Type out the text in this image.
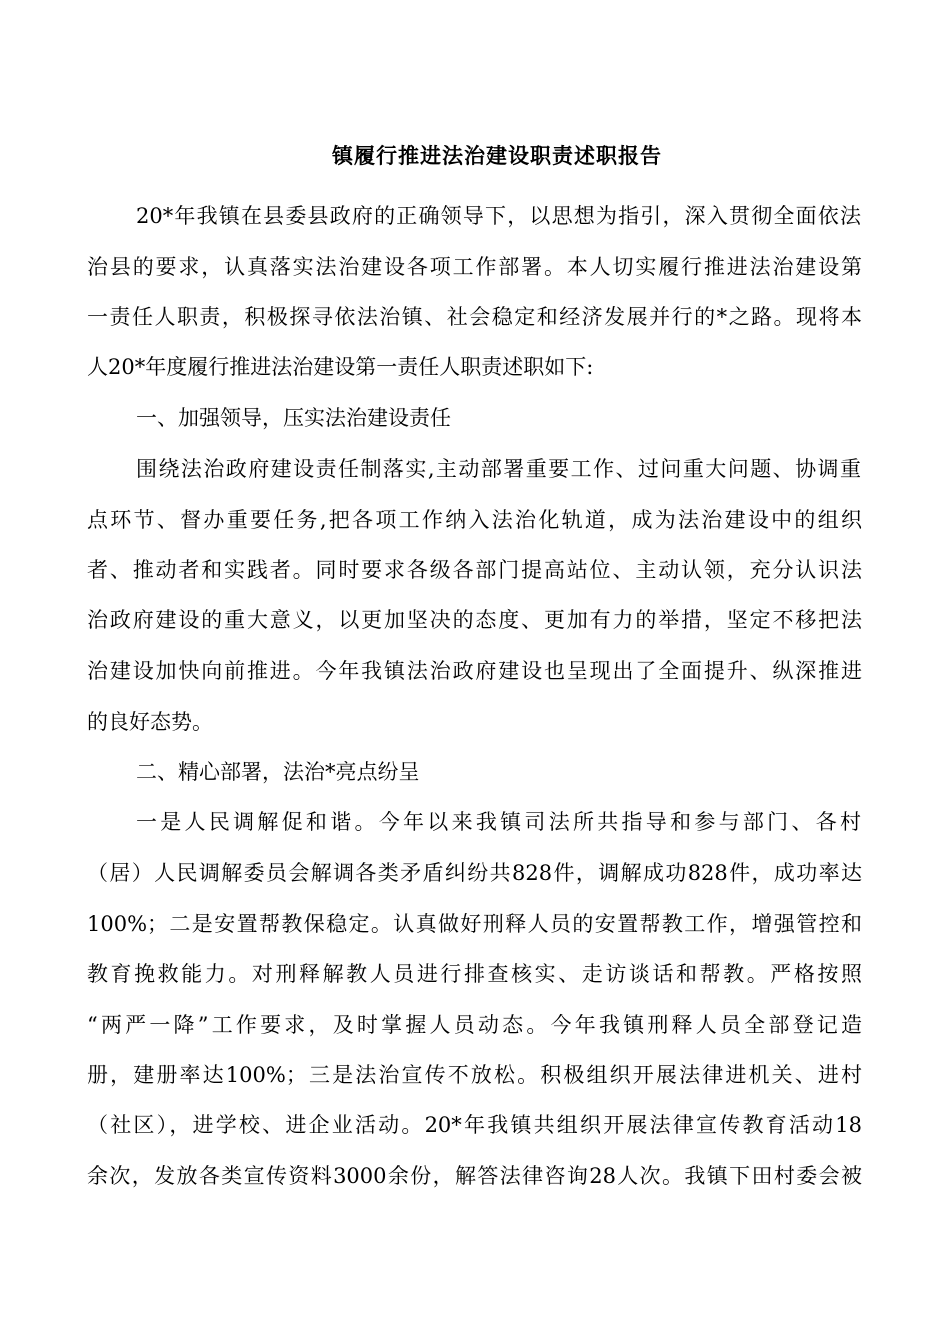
镇履行推进法治建设职责述职报告

20*年我镇在县委县政府的正确领导下，以思想为指引，深入贯彻全面依法

治县的要求，认真落实法治建设各项工作部署。本人切实履行推进法治建设第

一责任人职责，积极探寻依法治镇、社会稳定和经济发展并行的*之路。现将本

人20*年度履行推进法治建设第一责任人职责述职如下:

一、加强领导，压实法治建设责任

围绕法治政府建设责任制落实,主动部署重要工作、过问重大问题、协调重

点环节、督办重要任务,把各项工作纳入法治化轨道，成为法治建设中的组织

者、推动者和实践者。同时要求各级各部门提高站位、主动认领，充分认识法

治政府建设的重大意义，以更加坚决的态度、更加有力的举措，坚定不移把法

治建设加快向前推进。今年我镇法治政府建设也呈现出了全面提升、纵深推进

的良好态势。

二、精心部署，法治*亮点纷呈

一是人民调解促和谐。今年以来我镇司法所共指导和参与部门、各村

（居）人民调解委员会解调各类矛盾纠纷共828件，调解成功828件，成功率达

100%；二是安置帮教保稳定。认真做好刑释人员的安置帮教工作，增强管控和

教育挽救能力。对刑释解教人员进行排查核实、走访谈话和帮教。严格按照

“两严一降”工作要求，及时掌握人员动态。今年我镇刑释人员全部登记造

册，建册率达100%；三是法治宣传不放松。积极组织开展法律进机关、进村

（社区），进学校、进企业活动。20*年我镇共组织开展法律宣传教育活动18

余次，发放各类宣传资料3000余份，解答法律咨询28人次。我镇下田村委会被
